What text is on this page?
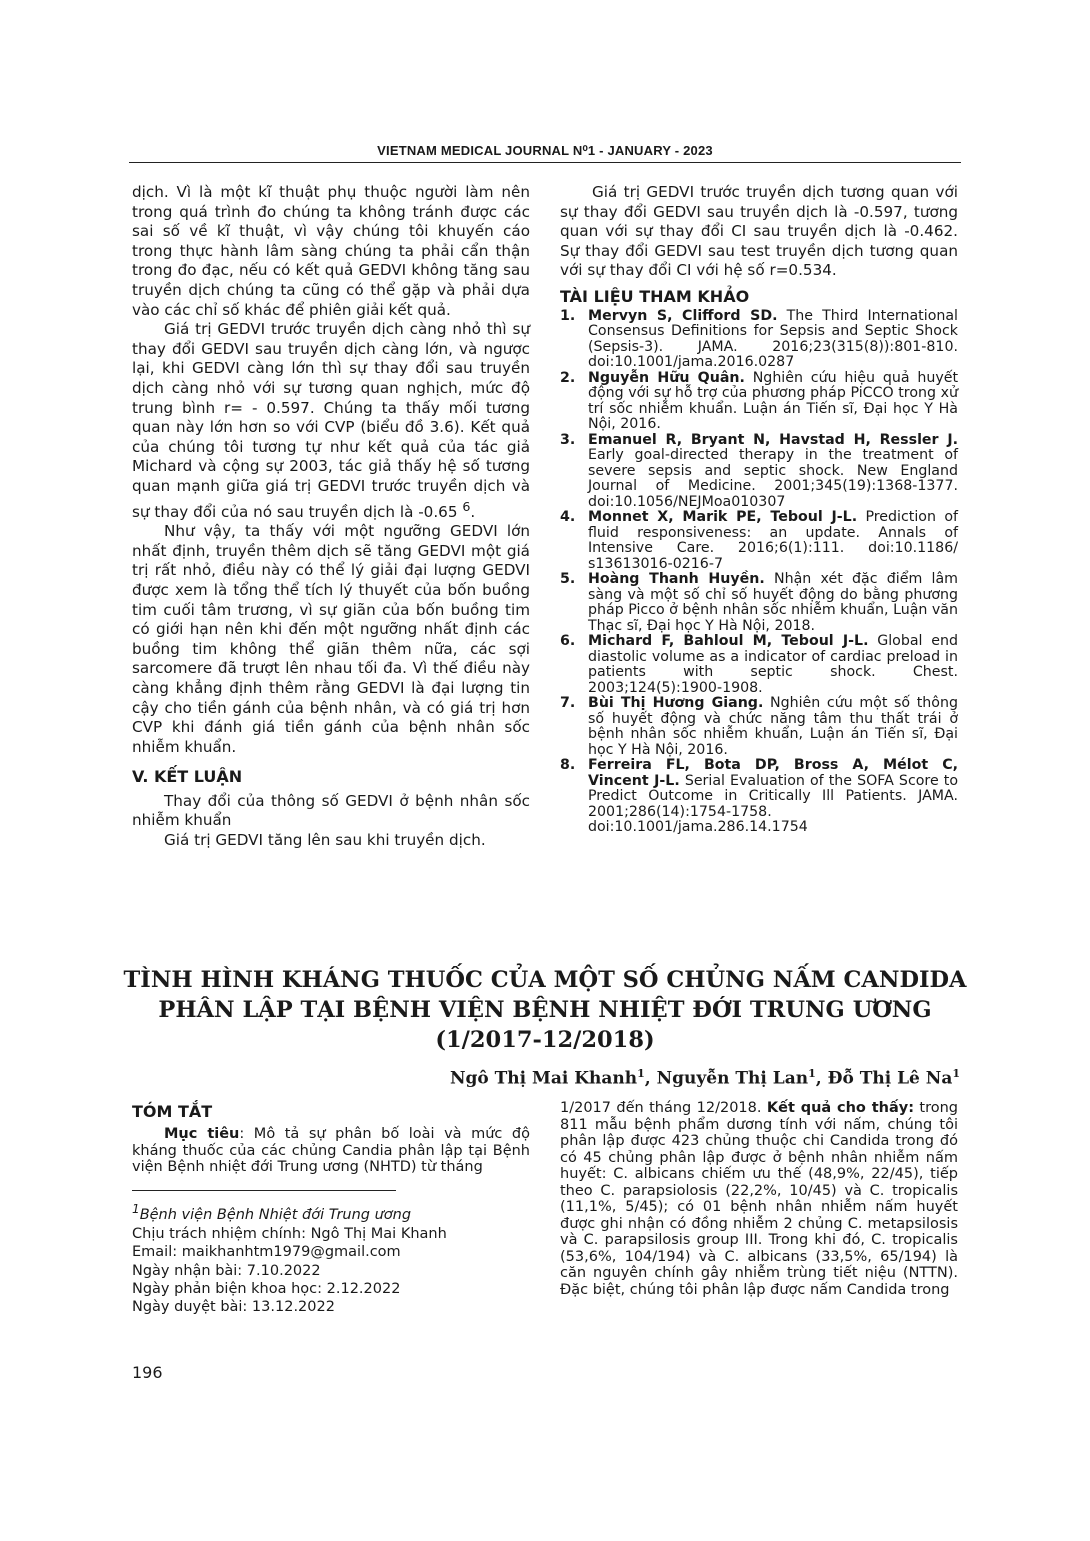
VIETNAM MEDICAL JOURNAL N⁰1 - JANUARY - 2023

dịch. Vì là một kĩ thuật phụ thuộc người làm nên trong quá trình đo chúng ta không tránh được các sai số về kĩ thuật, vì vậy chúng tôi khuyến cáo trong thực hành lâm sàng chúng ta phải cẩn thận trong đo đạc, nếu có kết quả GEDVI không tăng sau truyền dịch chúng ta cũng có thể gặp và phải dựa vào các chỉ số khác để phiên giải kết quả.

Giá trị GEDVI trước truyền dịch càng nhỏ thì sự thay đổi GEDVI sau truyền dịch càng lớn, và ngược lại, khi GEDVI càng lớn thì sự thay đổi sau truyền dịch càng nhỏ với sự tương quan nghịch, mức độ trung bình r= - 0.597. Chúng ta thấy mối tương quan này lớn hơn so với CVP (biểu đồ 3.6). Kết quả của chúng tôi tương tự như kết quả của tác giả Michard và cộng sự 2003, tác giả thấy hệ số tương quan mạnh giữa giá trị GEDVI trước truyền dịch và sự thay đổi của nó sau truyền dịch là -0.65 $^6$.

Như vậy, ta thấy với một ngưỡng GEDVI lớn nhất định, truyền thêm dịch sẽ tăng GEDVI một giá trị rất nhỏ, điều này có thể lý giải đại lượng GEDVI được xem là tổng thể tích lý thuyết của bốn buồng tim cuối tâm trương, vì sự giãn của bốn buồng tim có giới hạn nên khi đến một ngưỡng nhất định các buồng tim không thể giãn thêm nữa, các sợi sarcomere đã trượt lên nhau tối đa. Vì thế điều này càng khẳng định thêm rằng GEDVI là đại lượng tin cậy cho tiền gánh của bệnh nhân, và có giá trị hơn CVP khi đánh giá tiền gánh của bệnh nhân sốc nhiễm khuẩn.

V. KẾT LUẬN

Thay đổi của thông số GEDVI ở bệnh nhân sốc nhiễm khuẩn

Giá trị GEDVI tăng lên sau khi truyền dịch.

Giá trị GEDVI trước truyền dịch tương quan với sự thay đổi GEDVI sau truyền dịch là -0.597, tương quan với sự thay đổi CI sau truyền dịch là -0.462. Sự thay đổi GEDVI sau test truyền dịch tương quan với sự thay đổi CI với hệ số r=0.534.

TÀI LIỆU THAM KHẢO
1. Mervyn S, Clifford SD. The Third International Consensus Definitions for Sepsis and Septic Shock (Sepsis-3). JAMA. 2016;23(315(8)):801-810. doi:10.1001/jama.2016.0287
2. Nguyễn Hữu Quân. Nghiên cứu hiệu quả huyết động với sự hỗ trợ của phương pháp PiCCO trong xử trí sốc nhiễm khuẩn. Luận án Tiến sĩ, Đại học Y Hà Nội, 2016.
3. Emanuel R, Bryant N, Havstad H, Ressler J. Early goal-directed therapy in the treatment of severe sepsis and septic shock. New England Journal of Medicine. 2001;345(19):1368-1377. doi:10.1056/NEJMoa010307
4. Monnet X, Marik PE, Teboul J-L. Prediction of fluid responsiveness: an update. Annals of Intensive Care. 2016;6(1):111. doi:10.1186/ s13613016-0216-7
5. Hoàng Thanh Huyền. Nhận xét đặc điểm lâm sàng và một số chỉ số huyết động do bằng phương pháp Picco ở bệnh nhân sốc nhiễm khuẩn, Luận văn Thạc sĩ, Đại học Y Hà Nội, 2018.
6. Michard F, Bahloul M, Teboul J-L. Global end diastolic volume as a indicator of cardiac preload in patients with septic shock. Chest. 2003;124(5):1900-1908.
7. Bùi Thị Hương Giang. Nghiên cứu một số thông số huyết động và chức năng tâm thu thất trái ở bệnh nhân sốc nhiễm khuẩn, Luận án Tiến sĩ, Đại học Y Hà Nội, 2016.
8. Ferreira FL, Bota DP, Bross A, Mélot C, Vincent J-L. Serial Evaluation of the SOFA Score to Predict Outcome in Critically Ill Patients. JAMA. 2001;286(14):1754-1758. doi:10.1001/jama.286.14.1754
TÌNH HÌNH KHÁNG THUỐC CỦA MỘT SỐ CHỦNG NẤM CANDIDA
PHÂN LẬP TẠI BỆNH VIỆN BỆNH NHIỆT ĐỚI TRUNG ƯƠNG
(1/2017-12/2018)
Ngô Thị Mai Khanh$^1$, Nguyễn Thị Lan$^1$, Đỗ Thị Lê Na$^1$
TÓM TẮT

Mục tiêu: Mô tả sự phân bố loài và mức độ kháng thuốc của các chủng Candia phân lập tại Bệnh viện Bệnh nhiệt đới Trung ương (NHTD) từ tháng

$^1$Bệnh viện Bệnh Nhiệt đới Trung ương

Chịu trách nhiệm chính: Ngô Thị Mai Khanh

Email: maikhanhtm1979@gmail.com

Ngày nhận bài: 7.10.2022

Ngày phản biện khoa học: 2.12.2022

Ngày duyệt bài: 13.12.2022

1/2017 đến tháng 12/2018. Kết quả cho thấy: trong 811 mẫu bệnh phẩm dương tính với nấm, chúng tôi phân lập được 423 chủng thuộc chi Candida trong đó có 45 chủng phân lập được ở bệnh nhân nhiễm nấm huyết: C. albicans chiếm ưu thế (48,9%, 22/45), tiếp theo C. parapsiolosis (22,2%, 10/45) và C. tropicalis (11,1%, 5/45); có 01 bệnh nhân nhiễm nấm huyết được ghi nhận có đồng nhiễm 2 chủng C. metapsilosis và C. parapsilosis group III. Trong khi đó, C. tropicalis (53,6%, 104/194) và C. albicans (33,5%, 65/194) là căn nguyên chính gây nhiễm trùng tiết niệu (NTTN). Đặc biệt, chúng tôi phân lập được nấm Candida trong

196
